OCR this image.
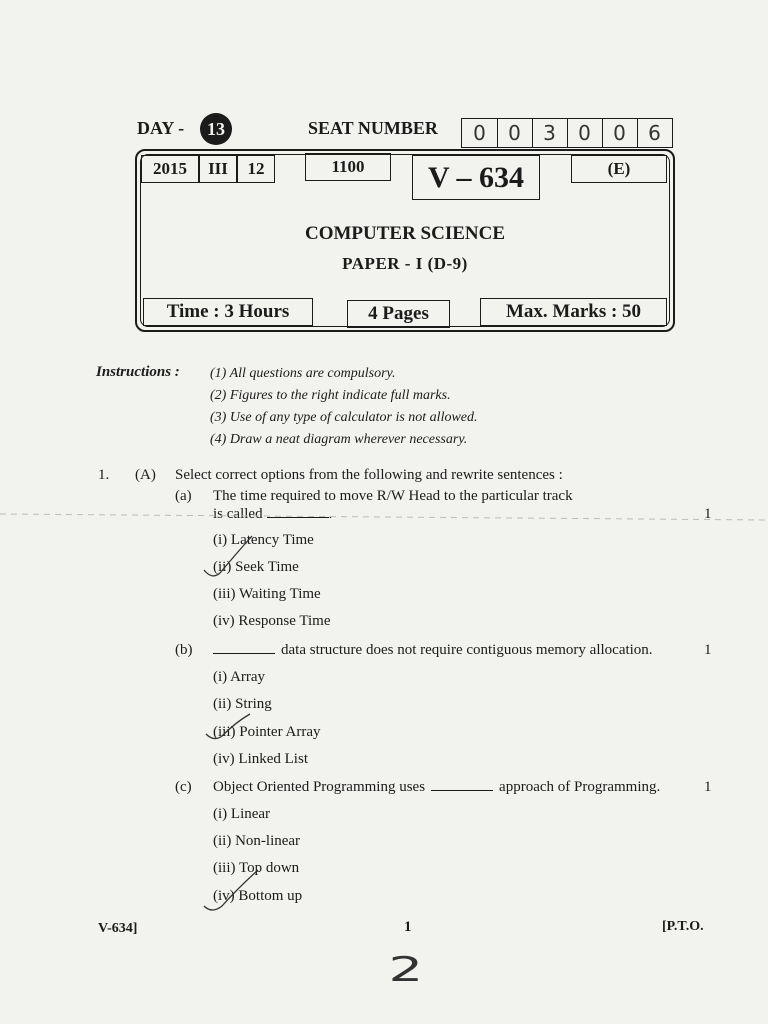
DAY -	13	SEAT NUMBER	0	0	3	0	0	6
2015	III	12	1100	V – 634	(E)
COMPUTER SCIENCE
PAPER - I (D-9)
Time : 3 Hours	4 Pages	Max. Marks : 50
Instructions : (1) All questions are compulsory.
(2) Figures to the right indicate full marks.
(3) Use of any type of calculator is not allowed.
(4) Draw a neat diagram wherever necessary.
1. (A) Select correct options from the following and rewrite sentences :
(a) The time required to move R/W Head to the particular track
is called	.	1
(i) Latency Time
(ii) Seek Time
(iii) Waiting Time
(iv) Response Time
(b)	data structure does not require contiguous memory allocation.	1
(i) Array
(ii) String
(iii) Pointer Array
(iv) Linked List
(c) Object Oriented Programming uses	approach of Programming.	1
(i) Linear
(ii) Non-linear
(iii) Top down
(iv) Bottom up
V-634]	1	[P.T.O.
2
